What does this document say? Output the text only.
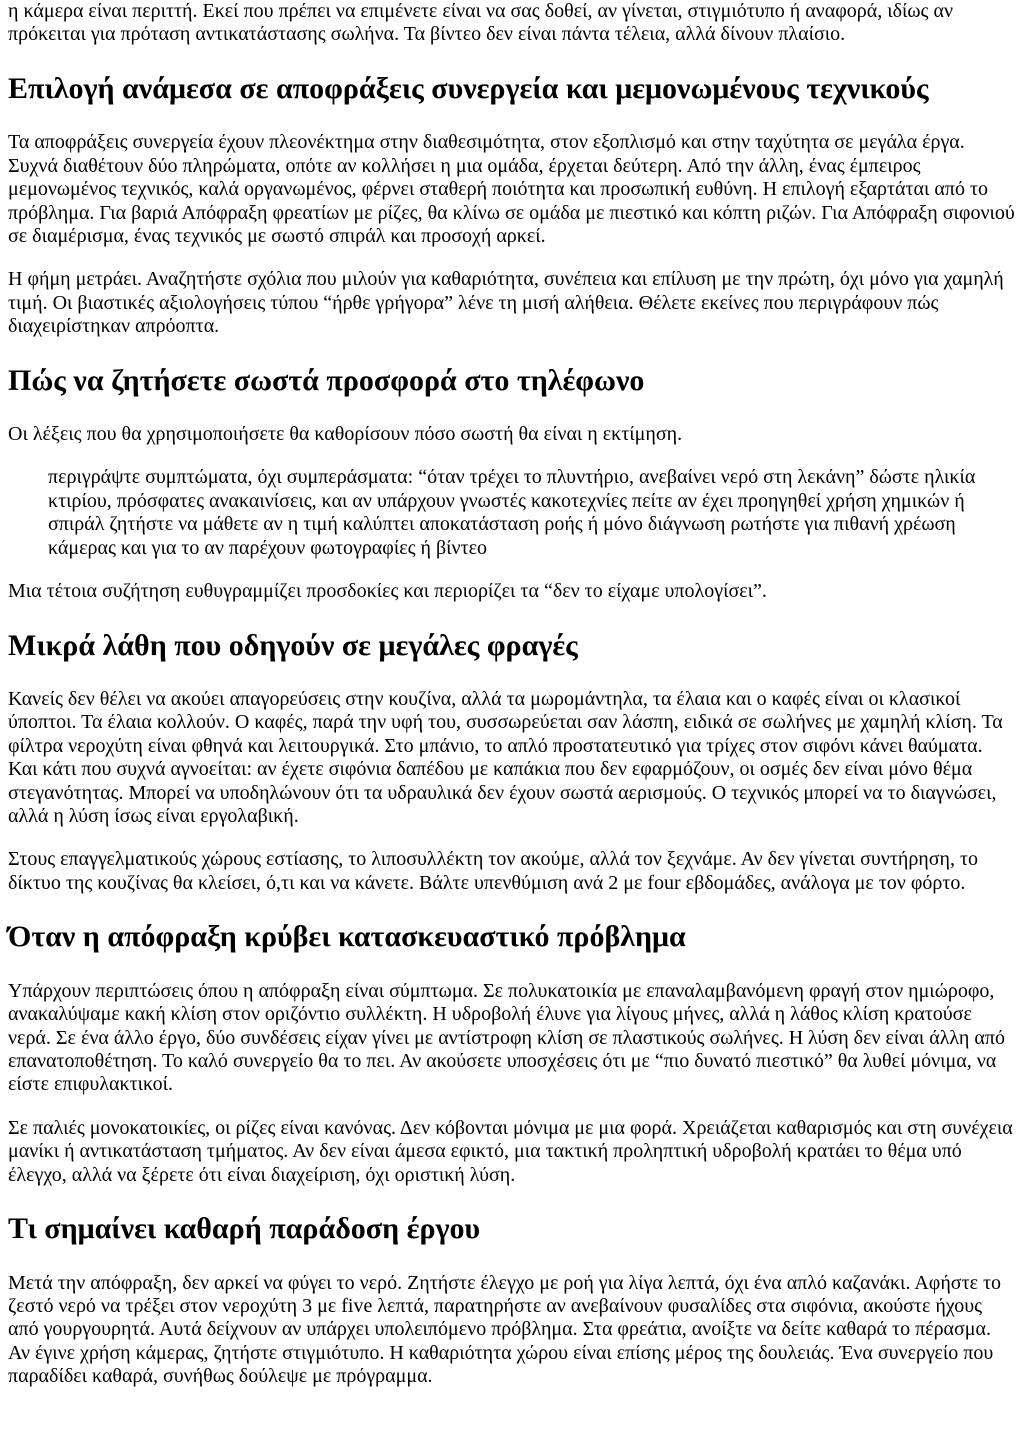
η κάμερα είναι περιττή. Εκεί που πρέπει να επιμένετε είναι να σας δοθεί, αν γίνεται, στιγμιότυπο ή αναφορά, ιδίως αν πρόκειται για πρόταση αντικατάστασης σωλήνα. Τα βίντεο δεν είναι πάντα τέλεια, αλλά δίνουν πλαίσιο.

Επιλογή ανάμεσα σε αποφράξεις συνεργεία και μεμονωμένους τεχνικούς

Τα αποφράξεις συνεργεία έχουν πλεονέκτημα στην διαθεσιμότητα, στον εξοπλισμό και στην ταχύτητα σε μεγάλα έργα. Συχνά διαθέτουν δύο πληρώματα, οπότε αν κολλήσει η μια ομάδα, έρχεται δεύτερη. Από την άλλη, ένας έμπειρος μεμονωμένος τεχνικός, καλά οργανωμένος, φέρνει σταθερή ποιότητα και προσωπική ευθύνη. Η επιλογή εξαρτάται από το πρόβλημα. Για βαριά Απόφραξη φρεατίων με ρίζες, θα κλίνω σε ομάδα με πιεστικό και κόπτη ριζών. Για Απόφραξη σιφονιού σε διαμέρισμα, ένας τεχνικός με σωστό σπιράλ και προσοχή αρκεί.

Η φήμη μετράει. Αναζητήστε σχόλια που μιλούν για καθαριότητα, συνέπεια και επίλυση με την πρώτη, όχι μόνο για χαμηλή τιμή. Οι βιαστικές αξιολογήσεις τύπου “ήρθε γρήγορα” λένε τη μισή αλήθεια. Θέλετε εκείνες που περιγράφουν πώς διαχειρίστηκαν απρόοπτα.

Πώς να ζητήσετε σωστά προσφορά στο τηλέφωνο

Οι λέξεις που θα χρησιμοποιήσετε θα καθορίσουν πόσο σωστή θα είναι η εκτίμηση.

περιγράψτε συμπτώματα, όχι συμπεράσματα: “όταν τρέχει το πλυντήριο, ανεβαίνει νερό στη λεκάνη” δώστε ηλικία κτιρίου, πρόσφατες ανακαινίσεις, και αν υπάρχουν γνωστές κακοτεχνίες πείτε αν έχει προηγηθεί χρήση χημικών ή σπιράλ ζητήστε να μάθετε αν η τιμή καλύπτει αποκατάσταση ροής ή μόνο διάγνωση ρωτήστε για πιθανή χρέωση κάμερας και για το αν παρέχουν φωτογραφίες ή βίντεο

Μια τέτοια συζήτηση ευθυγραμμίζει προσδοκίες και περιορίζει τα “δεν το είχαμε υπολογίσει”.

Μικρά λάθη που οδηγούν σε μεγάλες φραγές

Κανείς δεν θέλει να ακούει απαγορεύσεις στην κουζίνα, αλλά τα μωρομάντηλα, τα έλαια και ο καφές είναι οι κλασικοί ύποπτοι. Τα έλαια κολλούν. Ο καφές, παρά την υφή του, συσσωρεύεται σαν λάσπη, ειδικά σε σωλήνες με χαμηλή κλίση. Τα φίλτρα νεροχύτη είναι φθηνά και λειτουργικά. Στο μπάνιο, το απλό προστατευτικό για τρίχες στον σιφόνι κάνει θαύματα. Και κάτι που συχνά αγνοείται: αν έχετε σιφόνια δαπέδου με καπάκια που δεν εφαρμόζουν, οι οσμές δεν είναι μόνο θέμα στεγανότητας. Μπορεί να υποδηλώνουν ότι τα υδραυλικά δεν έχουν σωστά αερισμούς. Ο τεχνικός μπορεί να το διαγνώσει, αλλά η λύση ίσως είναι εργολαβική.

Στους επαγγελματικούς χώρους εστίασης, το λιποσυλλέκτη τον ακούμε, αλλά τον ξεχνάμε. Αν δεν γίνεται συντήρηση, το δίκτυο της κουζίνας θα κλείσει, ό,τι και να κάνετε. Βάλτε υπενθύμιση ανά 2 με four εβδομάδες, ανάλογα με τον φόρτο.

Όταν η απόφραξη κρύβει κατασκευαστικό πρόβλημα

Υπάρχουν περιπτώσεις όπου η απόφραξη είναι σύμπτωμα. Σε πολυκατοικία με επαναλαμβανόμενη φραγή στον ημιώροφο, ανακαλύψαμε κακή κλίση στον οριζόντιο συλλέκτη. Η υδροβολή έλυνε για λίγους μήνες, αλλά η λάθος κλίση κρατούσε νερά. Σε ένα άλλο έργο, δύο συνδέσεις είχαν γίνει με αντίστροφη κλίση σε πλαστικούς σωλήνες. Η λύση δεν είναι άλλη από επανατοποθέτηση. Το καλό συνεργείο θα το πει. Αν ακούσετε υποσχέσεις ότι με “πιο δυνατό πιεστικό” θα λυθεί μόνιμα, να είστε επιφυλακτικοί.

Σε παλιές μονοκατοικίες, οι ρίζες είναι κανόνας. Δεν κόβονται μόνιμα με μια φορά. Χρειάζεται καθαρισμός και στη συνέχεια μανίκι ή αντικατάσταση τμήματος. Αν δεν είναι άμεσα εφικτό, μια τακτική προληπτική υδροβολή κρατάει το θέμα υπό έλεγχο, αλλά να ξέρετε ότι είναι διαχείριση, όχι οριστική λύση.

Τι σημαίνει καθαρή παράδοση έργου

Μετά την απόφραξη, δεν αρκεί να φύγει το νερό. Ζητήστε έλεγχο με ροή για λίγα λεπτά, όχι ένα απλό καζανάκι. Αφήστε το ζεστό νερό να τρέξει στον νεροχύτη 3 με five λεπτά, παρατηρήστε αν ανεβαίνουν φυσαλίδες στα σιφόνια, ακούστε ήχους από γουργουρητά. Αυτά δείχνουν αν υπάρχει υπολειπόμενο πρόβλημα. Στα φρεάτια, ανοίξτε να δείτε καθαρά το πέρασμα. Αν έγινε χρήση κάμερας, ζητήστε στιγμιότυπο. Η καθαριότητα χώρου είναι επίσης μέρος της δουλειάς. Ένα συνεργείο που παραδίδει καθαρά, συνήθως δούλεψε με πρόγραμμα.
